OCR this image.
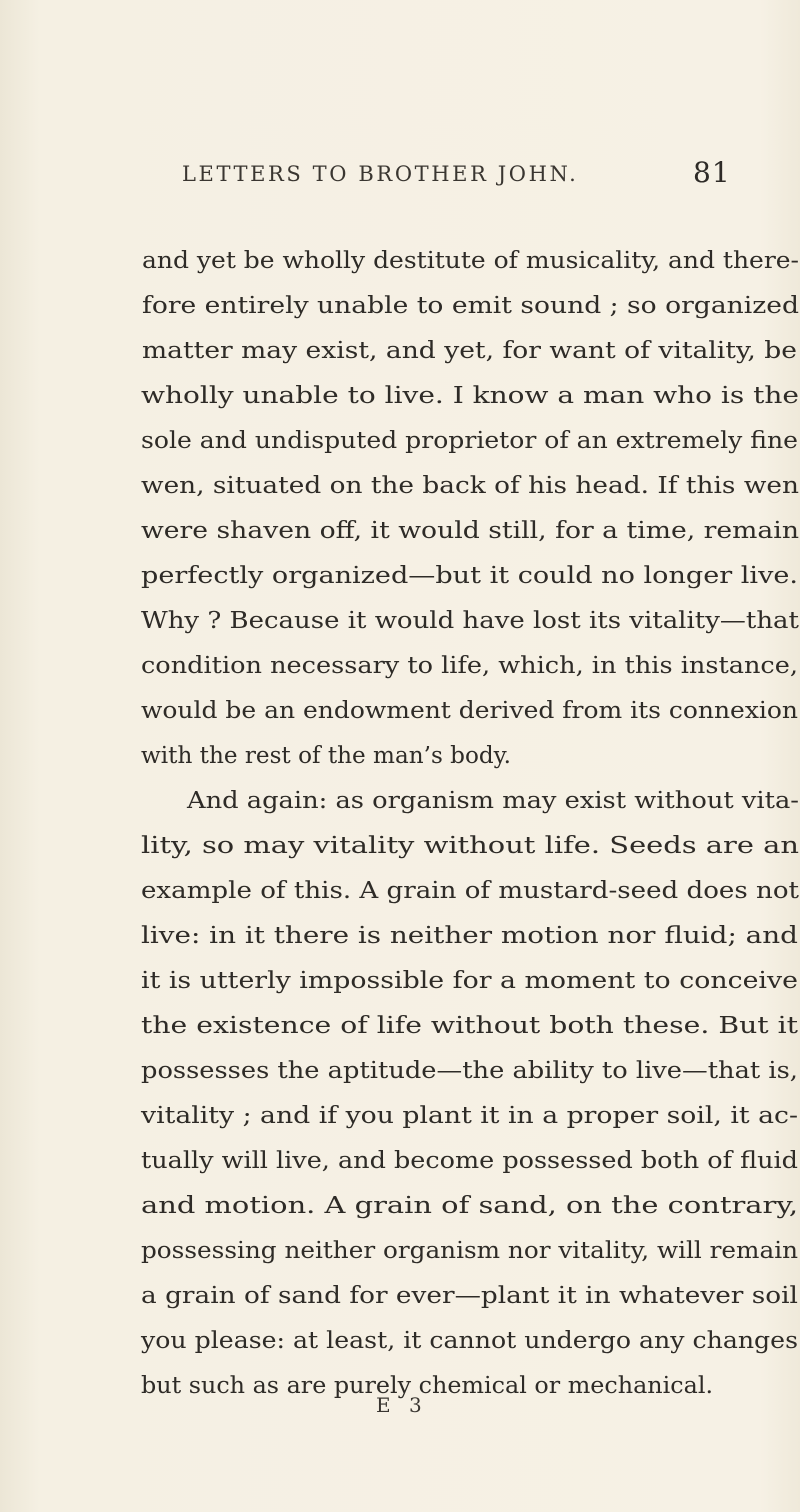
LETTERS TO BROTHER JOHN.	81
and yet be wholly destitute of musicality, and there-
fore entirely unable to emit sound ; so organized
matter may exist, and yet, for want of vitality, be
wholly unable to live. I know a man who is the
sole and undisputed proprietor of an extremely fine
wen, situated on the back of his head. If this wen
were shaven off, it would still, for a time, remain
perfectly organized—but it could no longer live.
Why ? Because it would have lost its vitality—that
condition necessary to life, which, in this instance,
would be an endowment derived from its connexion
with the rest of the man’s body.
And again: as organism may exist without vita-
lity, so may vitality without life. Seeds are an
example of this. A grain of mustard-seed does not
live: in it there is neither motion nor fluid; and
it is utterly impossible for a moment to conceive
the existence of life without both these. But it
possesses the aptitude—the ability to live—that is,
vitality ; and if you plant it in a proper soil, it ac-
tually will live, and become possessed both of fluid
and motion. A grain of sand, on the contrary,
possessing neither organism nor vitality, will remain
a grain of sand for ever—plant it in whatever soil
you please: at least, it cannot undergo any changes
but such as are purely chemical or mechanical.
E 3
